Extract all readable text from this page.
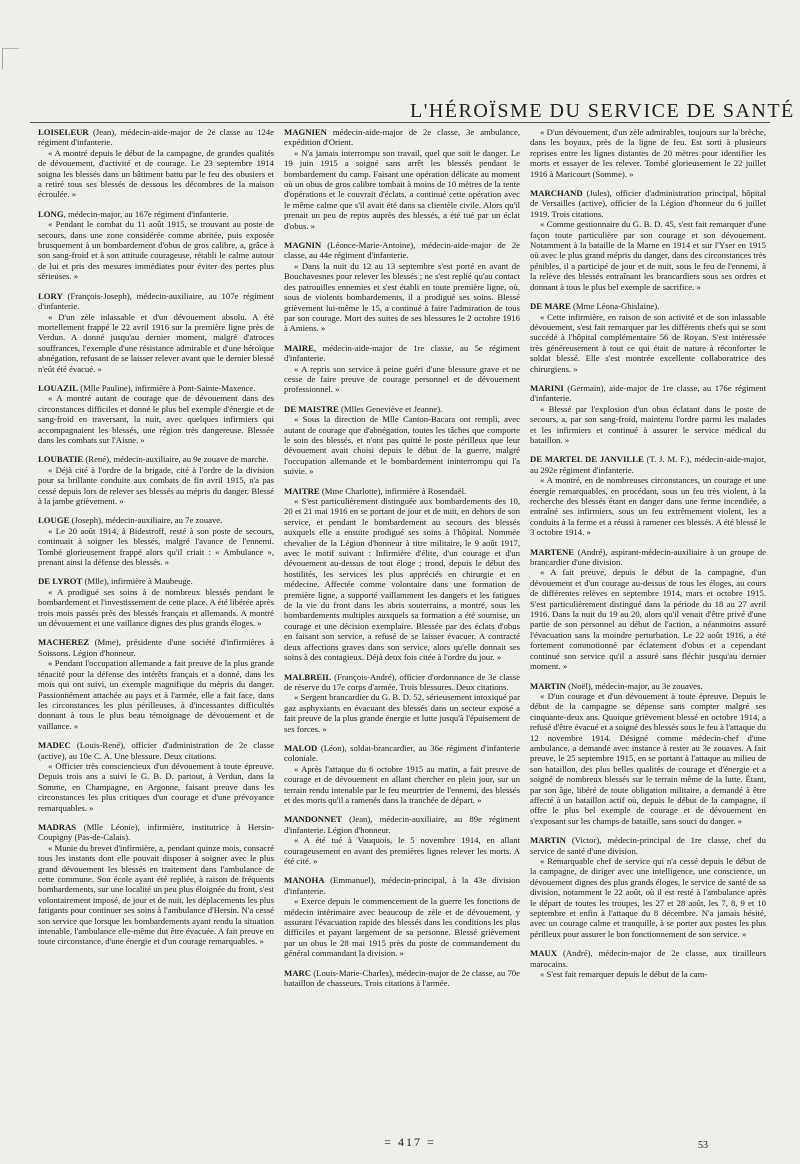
L'HÉROÏSME DU SERVICE DE SANTÉ
LOISELEUR (Jean), médecin-aide-major de 2e classe au 124e régiment d'infanterie.

« A montré depuis le début de la campagne, de grandes qualités de dévouement, d'activité et de courage. Le 23 septembre 1914 soigna les blessés dans un bâtiment battu par le feu des obusiers et a retiré tous ses blessés de dessous les décombres de la maison écroulée. »

LONG, médecin-major, au 167e régiment d'infanterie.

« Pendant le combat du 11 août 1915, se trouvant au poste de secours, dans une zone considérée comme abritée, puis exposée brusquement à un bombardement d'obus de gros calibre, a, grâce à son sang-froid et à son attitude courageuse, rétabli le calme autour de lui et pris des mesures immédiates pour éviter des pertes plus sérieuses. »

LORY (François-Joseph), médecin-auxiliaire, au 107e régiment d'infanterie.

« D'un zèle inlassable et d'un dévouement absolu. A été mortellement frappé le 22 avril 1916 sur la première ligne près de Verdun. A donné jusqu'au dernier moment, malgré d'atroces souffrances, l'exemple d'une résistance admirable et d'une héroïque abnégation, refusant de se laisser relever avant que le dernier blessé n'eût été évacué. »

LOUAZIL (Mlle Pauline), infirmière à Pont-Sainte-Maxence.

« A montré autant de courage que de dévouement dans des circonstances difficiles et donné le plus bel exemple d'énergie et de sang-froid en traversant, la nuit, avec quelques infirmiers qui accompagnaient les blessés, une région très dangereuse. Blessée dans les combats sur l'Aisne. »

LOUBATIE (René), médecin-auxiliaire, au 9e zouave de marche.

« Déjà cité à l'ordre de la brigade, cité à l'ordre de la division pour sa brillante conduite aux combats de fin avril 1915, n'a pas cessé depuis lors de relever ses blessés au mépris du danger. Blessé à la jambe grièvement. »

LOUGE (Joseph), médecin-auxiliaire, au 7e zouave.

« Le 20 août 1914, à Bidestroff, resté à son poste de secours, continuait à soigner les blessés, malgré l'avance de l'ennemi. Tombé glorieusement frappé alors qu'il criait : « Ambulance », prenant ainsi la défense des blessés. »

DE LYROT (Mlle), infirmière à Maubeuge.

« A prodigué ses soins à de nombreux blessés pendant le bombardement et l'investissement de cette place. A été libérée après trois mois passés près des blessés français et allemands. A montré un dévouement et une vaillance dignes des plus grands éloges. »

MACHEREZ (Mme), présidente d'une société d'infirmières à Soissons. Légion d'honneur.

« Pendant l'occupation allemande a fait preuve de la plus grande ténacité pour la défense des intérêts français et a donné, dans les mois qui ont suivi, un exemple magnifique du mépris du danger. Passionnément attachée au pays et à l'armée, elle a fait face, dans les circonstances les plus périlleuses, à d'incessantes difficultés donnant à tous le plus beau témoignage de dévouement et de vaillance. »

MADEC (Louis-René), officier d'administration de 2e classe (active), au 10e C. A. Une blessure. Deux citations.

« Officier très consciencieux d'un dévouement à toute épreuve. Depuis trois ans a suivi le G. B. D. partout, à Verdun, dans la Somme, en Champagne, en Argonne, faisant preuve dans les circonstances les plus critiques d'un courage et d'une prévoyance remarquables. »

MADRAS (Mlle Léonie), infirmière, institutrice à Hersin-Coupigny (Pas-de-Calais).

« Munie du brevet d'infirmière, a, pendant quinze mois, consacré tous les instants dont elle pouvait disposer à soigner avec le plus grand dévouement les blessés en traitement dans l'ambulance de cette commune. Son école ayant été repliée, à raison de fréquents bombardements, sur une localité un peu plus éloignée du front, s'est volontairement imposé, de jour et de nuit, les déplacements les plus fatigants pour continuer ses soins à l'ambulance d'Hersin. N'a cessé son service que lorsque les bombardements ayant rendu la situation intenable, l'ambulance elle-même dut être évacuée. A fait preuve en toute circonstance, d'une énergie et d'un courage remarquables. »

MAGNIEN médecin-aide-major de 2e classe, 3e ambulance, expédition d'Orient.

« N'a jamais interrompu son travail, quel que soit le danger. Le 19 juin 1915 a soigné sans arrêt les blessés pendant le bombardement du camp. Faisant une opération délicate au moment où un obus de gros calibre tombait à moins de 10 mètres de la tente d'opérations et le couvrait d'éclats, a continué cette opération avec le même calme que s'il avait été dans sa clientèle civile. Alors qu'il prenait un peu de repos auprès des blessés, a été tué par un éclat d'obus. »

MAGNIN (Léonce-Marie-Antoine), médecin-aide-major de 2e classe, au 44e régiment d'infanterie.

« Dans la nuit du 12 au 13 septembre s'est porté en avant de Bouchavesnes pour relever les blessés ; ne s'est replié qu'au contact des patrouilles ennemies et s'est établi en toute première ligne, où, sous de violents bombardements, il a prodigué ses soins. Blessé grièvement lui-même le 15, a continué à faire l'admiration de tous par son courage. Mort des suites de ses blessures le 2 octobre 1916 à Amiens. »

MAIRE, médecin-aide-major de 1re classe, au 5e régiment d'infanterie.

« A repris son service à peine guéri d'une blessure grave et ne cesse de faire preuve de courage personnel et de dévouement professionnel. »

DE MAISTRE (Mlles Geneviève et Jeanne).

« Sous la direction de Mlle Canton-Bacara ont rempli, avec autant de courage que d'abnégation, toutes les tâches que comporte le soin des blessés, et n'ont pas quitté le poste périlleux que leur dévouement avait choisi depuis le début de la guerre, malgré l'occupation allemande et le bombardement ininterrompu qui l'a suivie. »

MAITRE (Mme Charlotte), infirmière à Rosendaël.

« S'est particulièrement distinguée aux bombardements des 10, 20 et 21 mai 1916 en se portant de jour et de nuit, en dehors de son service, et pendant le bombardement au secours des blessés auxquels elle a ensuite prodigué ses soins à l'hôpital. Nommée chevalier de la Légion d'honneur à titre militaire, le 9 août 1917, avec le motif suivant : Infirmière d'élite, d'un courage et d'un dévouement au-dessus de tout éloge ; trond, depuis le début des hostilités, les services les plus appréciés en chirurgie et en médecine. Affectée comme volontaire dans une formation de première ligne, a supporté vaillamment les dangers et les fatigues de la vie du front dans les abris souterrains, a montré, sous les bombardements multiples auxquels sa formation a été soumise, un courage et une décision exemplaire. Blessée par des éclats d'obus en faisant son service, a refusé de se laisser évacuer. A contracté deux affections graves dans son service, alors qu'elle donnait ses soins à des contagieux. Déjà deux fois citée à l'ordre du jour. »

MALBREIL (François-André), officier d'ordonnance de 3e classe de réserve du 17e corps d'armée. Trois blessures. Deux citations.

« Sergent brancardier du G. B. D. 52, sérieusement intoxiqué par gaz asphyxiants en évacuant des blessés dans un secteur exposé a fait preuve de la plus grande énergie et lutte jusqu'à l'épuisement de ses forces. »

MALOD (Léon), soldat-brancardier, au 36e régiment d'infanterie coloniale.

« Après l'attaque du 6 octobre 1915 au matin, a fait preuve de courage et de dévouement en allant chercher en plein jour, sur un terrain rendu intenable par le feu meurtrier de l'ennemi, des blessés et des morts qu'il a ramenés dans la tranchée de départ. »

MANDONNET (Jean), médecin-auxiliaire, au 89e régiment d'infanterie. Légion d'honneur.

« A été tué à Vauquois, le 5 novembre 1914, en allant courageusement en avant des premières lignes relever les morts. A été cité. »

MANOHA (Emmanuel), médecin-principal, à la 43e division d'infanterie.

« Exerce depuis le commencement de la guerre les fonctions de médecin intérimaire avec beaucoup de zèle et de dévouement, y assurant l'évacuation rapide des blessés dans les conditions les plus difficiles et payant largement de sa personne. Blessé grièvement par un obus le 28 mai 1915 près du poste de commandement du général commandant la division. »

MARC (Louis-Marie-Charles), médecin-major de 2e classe, au 70e bataillon de chasseurs. Trois citations à l'armée.

« D'un dévouement, d'un zèle admirables, toujours sur la brèche, dans les boyaux, près de la ligne de feu. Est sorti à plusieurs reprises entre les lignes distantes de 20 mètres pour identifier les morts et essayer de les relever. Tombé glorieusement le 22 juillet 1916 à Maricourt (Somme). »

MARCHAND (Jules), officier d'administration principal, hôpital de Versailles (active), officier de la Légion d'honneur du 6 juillet 1919. Trois citations.

« Comme gestionnaire du G. B. D. 45, s'est fait remarquer d'une façon toute particulière par son courage et son dévouement. Notamment à la bataille de la Marne en 1914 et sur l'Yser en 1915 où avec le plus grand mépris du danger, dans des circonstances très pénibles, il a participé de jour et de nuit, sous le feu de l'ennemi, à la relève des blessés entraînant les brancardiers sous ses ordres et donnant à tous le plus bel exemple de sacrifice. »

DE MARE (Mme Léona-Ghislaine).

« Cette infirmière, en raison de son activité et de son inlassable dévouement, s'est fait remarquer par les différents chefs qui se sont succédé à l'hôpital complémentaire 56 de Royan. S'est intéressée très généreusement à tout ce qui était de nature à réconforter le soldat blessé. Elle s'est montrée excellente collaboratrice des chirurgiens. »

MARINI (Germain), aide-major de 1re classe, au 176e régiment d'infanterie.

« Blessé par l'explosion d'un obus éclatant dans le poste de secours, a, par son sang-froid, maintenu l'ordre parmi les malades et les infirmiers et continué à assurer le service médical du bataillon. »

DE MARTEL DE JANVILLE (T. J. M. F.), médecin-aide-major, au 292e régiment d'infanterie.

« A montré, en de nombreuses circonstances, un courage et une énergie remarquables, en procédant, sous un feu très violent, à la recherche des blessés étant en danger dans une ferme incendiée, a entraîné ses infirmiers, sous un feu extrêmement violent, les a conduits à la ferme et a réussi à ramener ces blessés. A été blessé le 3 octobre 1914. »

MARTENE (André), aspirant-médecin-auxiliaire à un groupe de brancardier d'une division.

« A fait preuve, depuis le début de la campagne, d'un dévouement et d'un courage au-dessus de tous les éloges, au cours de différentes relèves en septembre 1914, mars et octobre 1915. S'est particulièrement distingué dans la période du 18 au 27 avril 1916. Dans la nuit du 19 au 20, alors qu'il venait d'être privé d'une partie de son personnel au début de l'action, a néanmoins assuré l'évacuation sans la moindre perturbation. Le 22 août 1916, a été fortement commotionné par éclatement d'obus et a cependant continué son service qu'il a assuré sans fléchir jusqu'au dernier moment. »

MARTIN (Noël), médecin-major, au 3e zouaves.

« D'un courage et d'un dévouement à toute épreuve. Depuis le début de la campagne se dépense sans compter malgré ses cinquante-deux ans. Quoique grièvement blessé en octobre 1914, a refusé d'être évacué et a soigné des blessés sous le feu à l'attaque du 12 novembre 1914. Désigné comme médecin-chef d'une ambulance, a demandé avec instance à rester au 3e zouaves. A fait preuve, le 25 septembre 1915, en se portant à l'attaque au milieu de son bataillon, des plus belles qualités de courage et d'énergie et a soigné de nombreux blessés sur le terrain même de la lutte. Étant, par son âge, libéré de toute obligation militaire, a demandé à être affecté à un bataillon actif où, depuis le début de la campagne, il offre le plus bel exemple de courage et de dévouement en s'exposant sur les champs de bataille, sans souci du danger. »

MARTIN (Victor), médecin-principal de 1re classe, chef du service de santé d'une division.

« Remarquable chef de service qui n'a cessé depuis le début de la campagne, de diriger avec une intelligence, une conscience, un dévouement dignes des plus grands éloges, le service de santé de sa division, notamment le 22 août, où il est resté à l'ambulance après le départ de toutes les troupes, les 27 et 28 août, les 7, 8, 9 et 10 septembre et enfin à l'attaque du 8 décembre. N'a jamais hésité, avec un courage calme et tranquille, à se porter aux postes les plus périlleux pour assurer le bon fonctionnement de son service. »

MAUX (André), médecin-major de 2e classe, aux tirailleurs marocains.

« S'est fait remarquer depuis le début de la cam-

= 417 =	53
